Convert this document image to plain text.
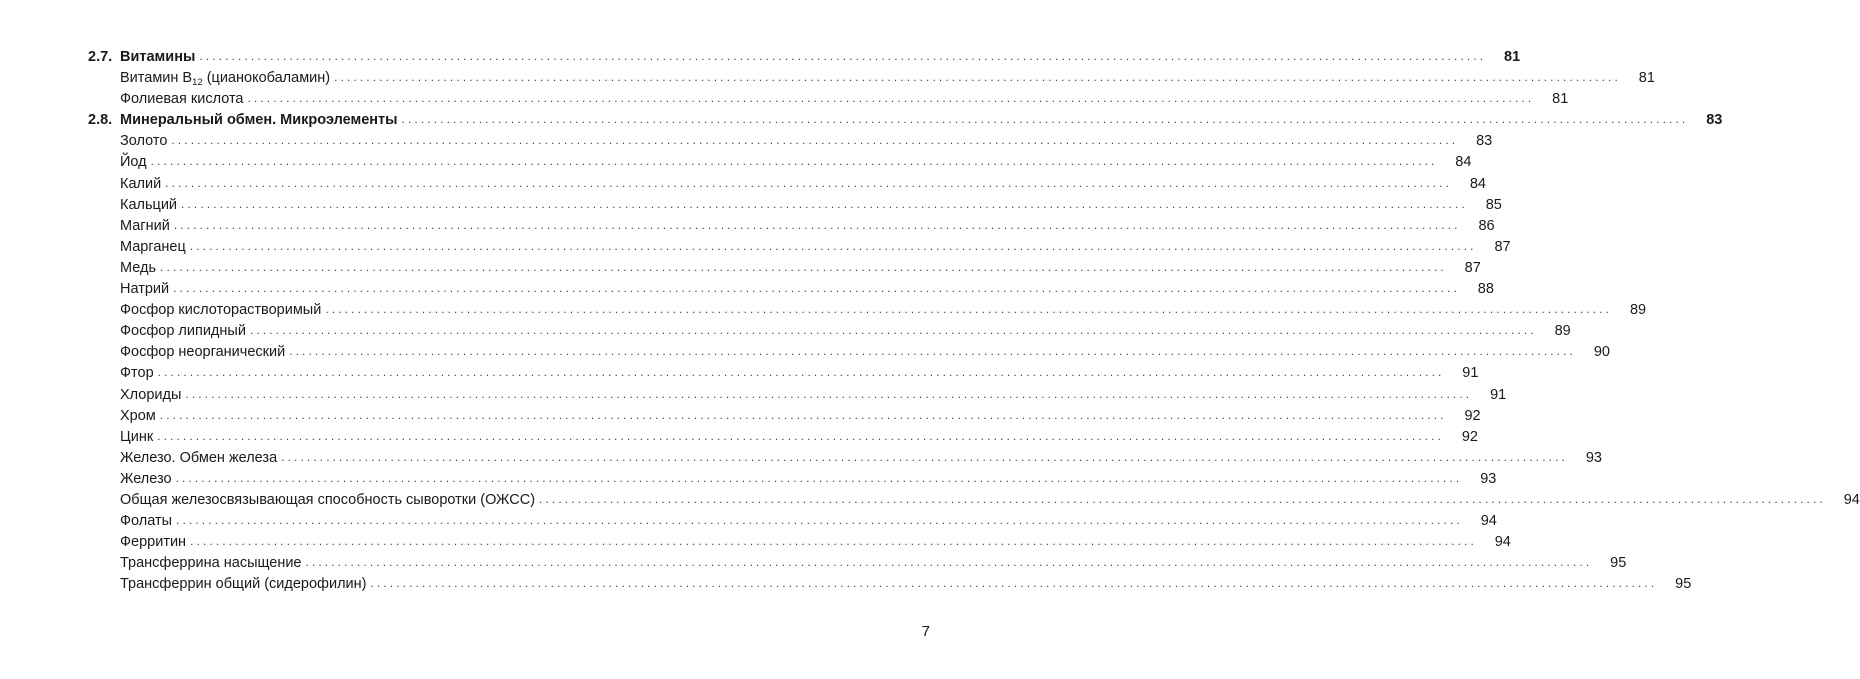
2.7. Витамины ........................................................................................................................................................................................................	81
Витамин $B_{12}$ (цианокобаламин) ........................................................................................................................................................................................................	81
Фолиевая кислота ........................................................................................................................................................................................................	81
2.8. Минеральный обмен. Микроэлементы ........................................................................................................................................................................................................	83
Золото ........................................................................................................................................................................................................	83
Йод ........................................................................................................................................................................................................	84
Калий ........................................................................................................................................................................................................	84
Кальций ........................................................................................................................................................................................................	85
Магний ........................................................................................................................................................................................................	86
Марганец ........................................................................................................................................................................................................	87
Медь ........................................................................................................................................................................................................	87
Натрий ........................................................................................................................................................................................................	88
Фосфор кислоторастворимый ........................................................................................................................................................................................................	89
Фосфор липидный ........................................................................................................................................................................................................	89
Фосфор неорганический ........................................................................................................................................................................................................	90
Фтор ........................................................................................................................................................................................................	91
Хлориды ........................................................................................................................................................................................................	91
Хром ........................................................................................................................................................................................................	92
Цинк ........................................................................................................................................................................................................	92
Железо. Обмен железа ........................................................................................................................................................................................................	93
Железо ........................................................................................................................................................................................................	93
Общая железосвязывающая способность сыворотки (ОЖСС) ........................................................................................................................................................................................................	94
Фолаты ........................................................................................................................................................................................................	94
Ферритин ........................................................................................................................................................................................................	94
Трансферрина насыщение ........................................................................................................................................................................................................	95
Трансферрин общий (сидерофилин) ........................................................................................................................................................................................................	95
7
